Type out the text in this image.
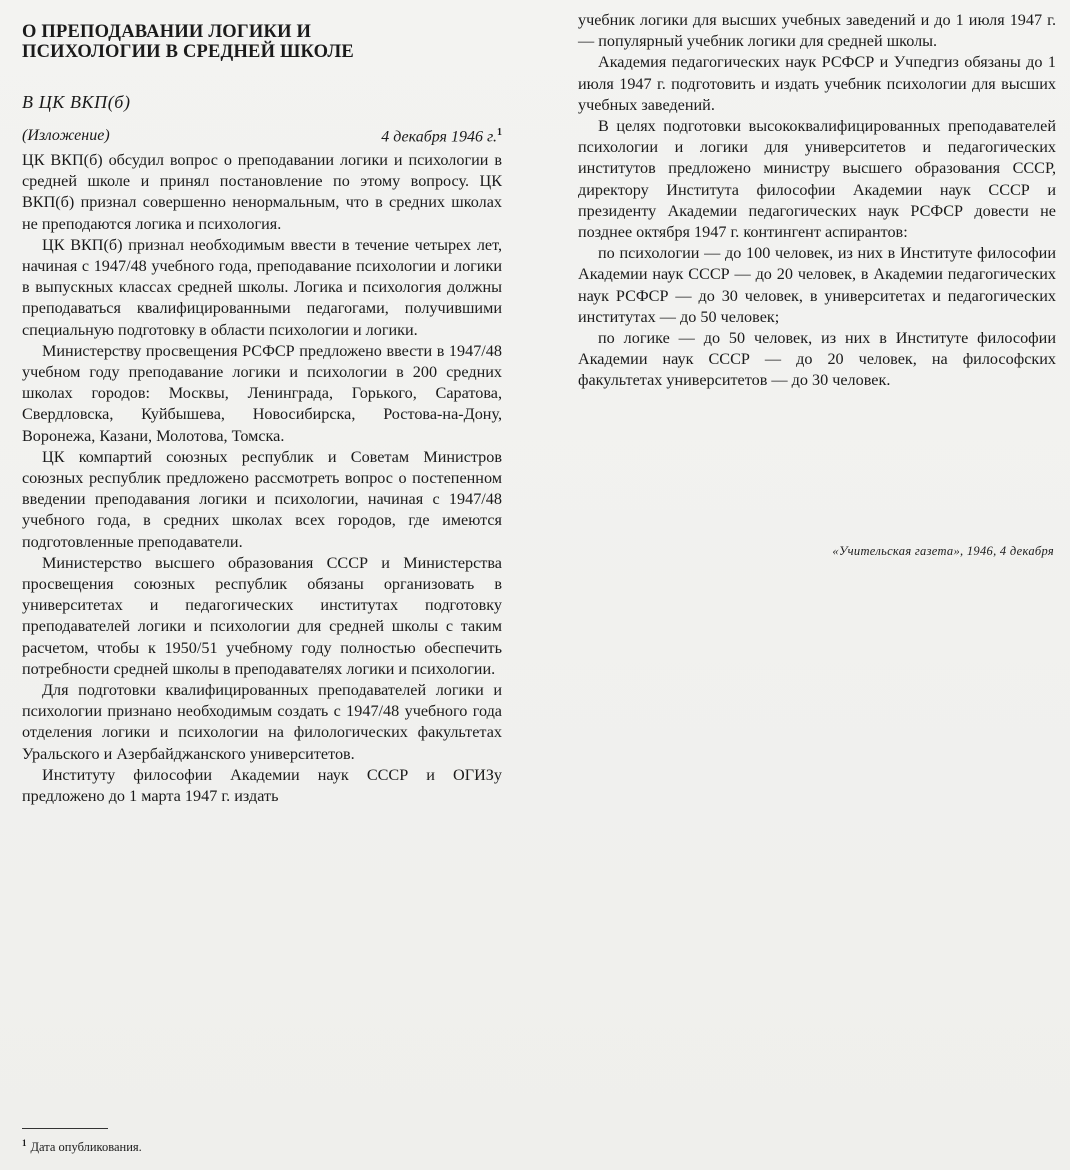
О ПРЕПОДАВАНИИ ЛОГИКИ И
ПСИХОЛОГИИ В СРЕДНЕЙ ШКОЛЕ
В ЦК ВКП(б)
(Изложение)	4 декабря 1946 г.$^1$

ЦК ВКП(б) обсудил вопрос о преподавании логики и психологии в средней школе и принял постановление по этому вопросу. ЦК ВКП(б) признал совершенно ненормальным, что в средних школах не преподаются логика и психология.

ЦК ВКП(б) признал необходимым ввести в течение четырех лет, начиная с 1947/48 учебного года, преподавание психологии и логики в выпускных классах средней школы. Логика и психология должны преподаваться квалифицированными педагогами, получившими специальную подготовку в области психологии и логики.

Министерству просвещения РСФСР предложено ввести в 1947/48 учебном году преподавание логики и психологии в 200 средних школах городов: Москвы, Ленинграда, Горького, Саратова, Свердловска, Куйбышева, Новосибирска, Ростова-на-Дону, Воронежа, Казани, Молотова, Томска.

ЦК компартий союзных республик и Советам Министров союзных республик предложено рассмотреть вопрос о постепенном введении преподавания логики и психологии, начиная с 1947/48 учебного года, в средних школах всех городов, где имеются подготовленные преподаватели.

Министерство высшего образования СССР и Министерства просвещения союзных республик обязаны организовать в университетах и педагогических институтах подготовку преподавателей логики и психологии для средней школы с таким расчетом, чтобы к 1950/51 учебному году полностью обеспечить потребности средней школы в преподавателях логики и психологии.

Для подготовки квалифицированных преподавателей логики и психологии признано необходимым создать с 1947/48 учебного года отделения логики и психологии на филологических факультетах Уральского и Азербайджанского университетов.

Институту философии Академии наук СССР и ОГИЗу предложено до 1 марта 1947 г. издать

$^1$ Дата опубликования.

учебник логики для высших учебных заведений и до 1 июля 1947 г. — популярный учебник логики для средней школы.

Академия педагогических наук РСФСР и Учпедгиз обязаны до 1 июля 1947 г. подготовить и издать учебник психологии для высших учебных заведений.

В целях подготовки высококвалифицированных преподавателей психологии и логики для университетов и педагогических институтов предложено министру высшего образования СССР, директору Института философии Академии наук СССР и президенту Академии педагогических наук РСФСР довести не позднее октября 1947 г. контингент аспирантов:

по психологии — до 100 человек, из них в Институте философии Академии наук СССР — до 20 человек, в Академии педагогических наук РСФСР — до 30 человек, в университетах и педагогических институтах — до 50 человек;

по логике — до 50 человек, из них в Институте философии Академии наук СССР — до 20 человек, на философских факультетах университетов — до 30 человек.

«Учительская газета», 1946, 4 декабря
